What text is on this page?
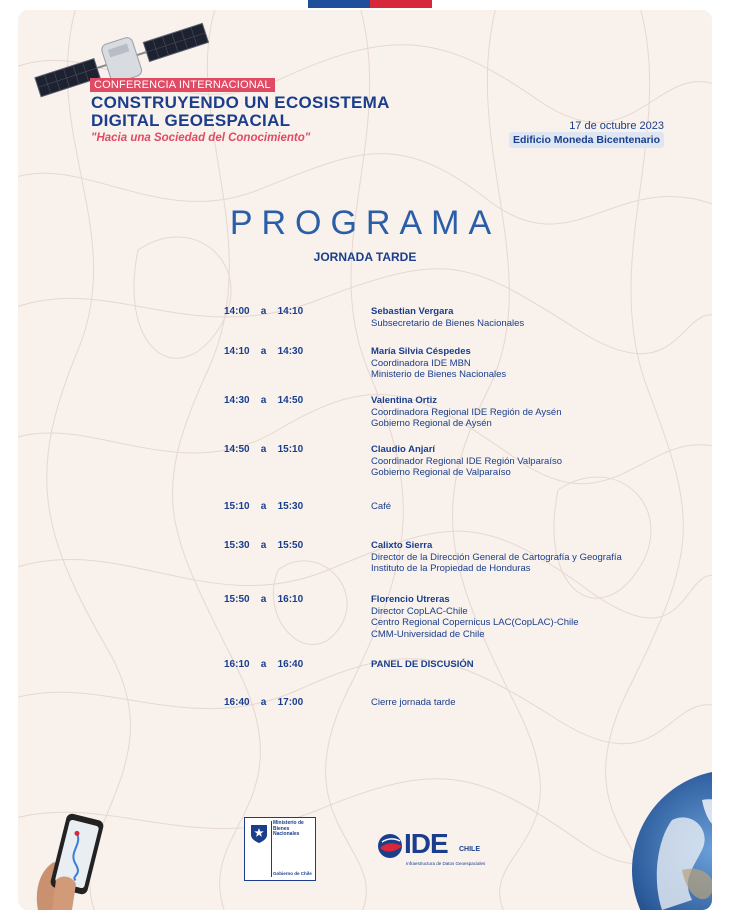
CONFERENCIA INTERNACIONAL
CONSTRUYENDO UN ECOSISTEMA
DIGITAL GEOESPACIAL
"Hacia una Sociedad del Conocimiento"
17 de octubre 2023
Edificio Moneda Bicentenario
PROGRAMA
JORNADA TARDE
14:00 a 14:10	Sebastian Vergara
Subsecretario de Bienes Nacionales
14:10 a 14:30	María Silvia Céspedes
Coordinadora IDE MBN
Ministerio de Bienes Nacionales
14:30 a 14:50	Valentina Ortiz
Coordinadora Regional IDE Región de Aysén
Gobierno Regional de Aysén
14:50 a 15:10	Claudio Anjarí
Coordinador Regional IDE Región Valparaíso
Gobierno Regional de Valparaíso
15:10 a 15:30	Café
15:30 a 15:50	Calixto Sierra
Director de la Dirección General de Cartografía y Geografía
Instituto de la Propiedad de Honduras
15:50 a 16:10	Florencio Utreras
Director CopLAC-Chile
Centro Regional Copernicus LAC(CopLAC)-Chile
CMM-Universidad de Chile
16:10 a 16:40	PANEL DE DISCUSIÓN
16:40 a 17:00	Cierre jornada tarde
Ministerio de
Bienes
Nacionales
Gobierno de Chile
IDE CHILE
Infraestructura de Datos Geoespaciales
